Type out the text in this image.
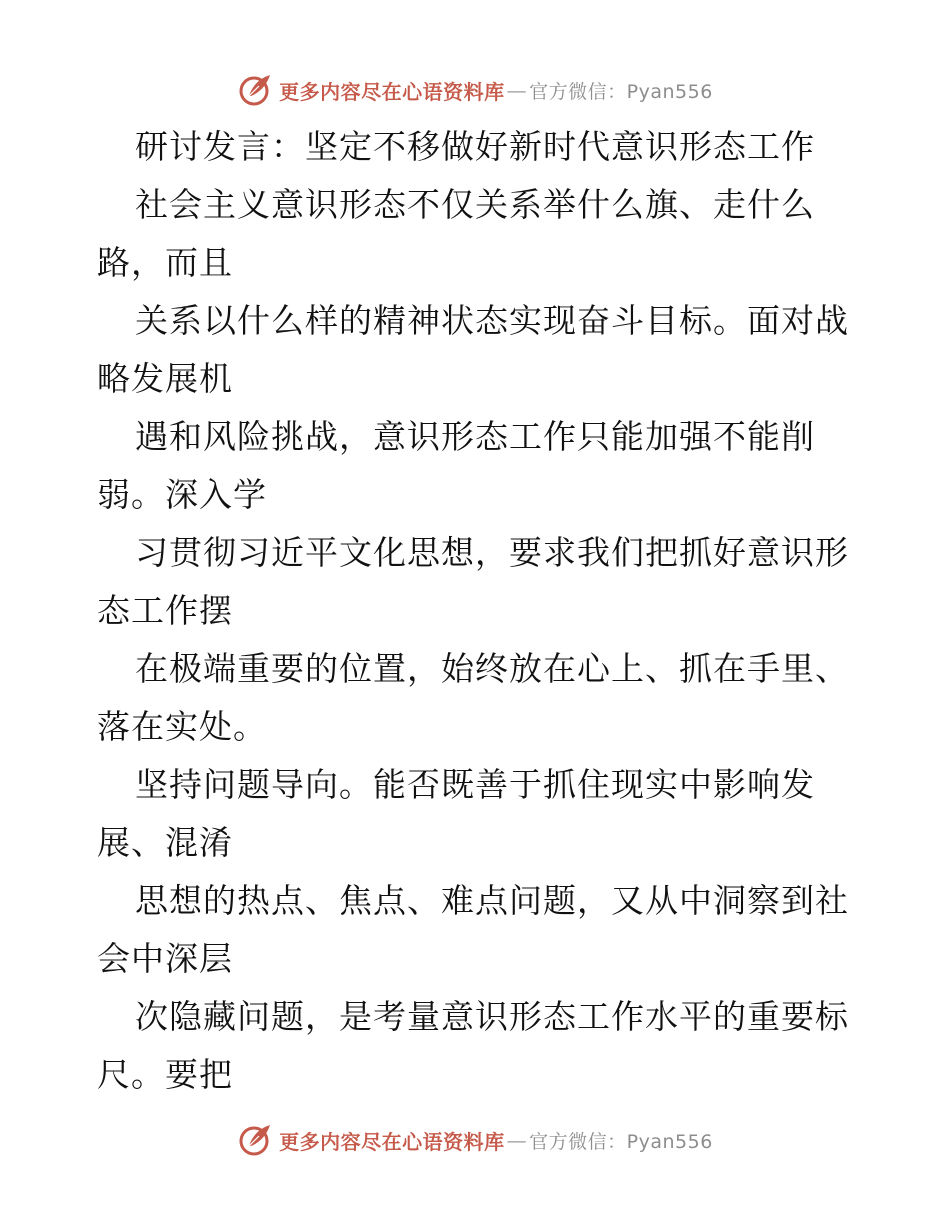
更多内容尽在心语资料库 — 官方微信：Pyan556
研讨发言：坚定不移做好新时代意识形态工作
社会主义意识形态不仅关系举什么旗、走什么
路，而且
关系以什么样的精神状态实现奋斗目标。面对战
略发展机
遇和风险挑战，意识形态工作只能加强不能削
弱。深入学
习贯彻习近平文化思想，要求我们把抓好意识形
态工作摆
在极端重要的位置，始终放在心上、抓在手里、
落在实处。
坚持问题导向。能否既善于抓住现实中影响发
展、混淆
思想的热点、焦点、难点问题，又从中洞察到社
会中深层
次隐藏问题，是考量意识形态工作水平的重要标
尺。要把
更多内容尽在心语资料库 — 官方微信：Pyan556
